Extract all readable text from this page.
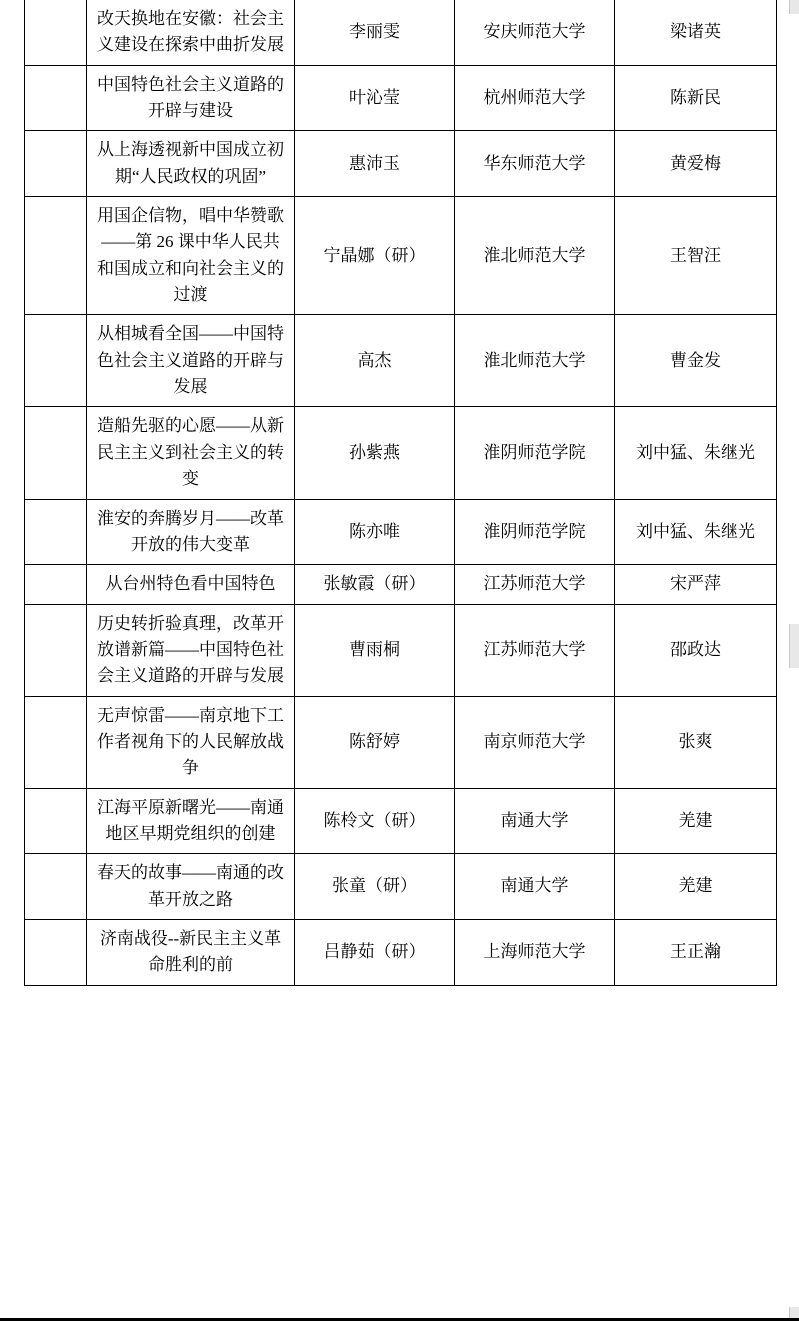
	改天换地在安徽：社会主义建设在探索中曲折发展	李丽雯	安庆师范大学	梁诸英
	中国特色社会主义道路的开辟与建设	叶沁莹	杭州师范大学	陈新民
	从上海透视新中国成立初期“人民政权的巩固”	惠沛玉	华东师范大学	黄爱梅
	用国企信物，唱中华赞歌——第 26 课中华人民共和国成立和向社会主义的过渡	宁晶娜（研）	淮北师范大学	王智汪
	从相城看全国——中国特色社会主义道路的开辟与发展	高杰	淮北师范大学	曹金发
	造船先驱的心愿——从新民主主义到社会主义的转变	孙紫燕	淮阴师范学院	刘中猛、朱继光
	淮安的奔腾岁月——改革开放的伟大变革	陈亦唯	淮阴师范学院	刘中猛、朱继光
	从台州特色看中国特色	张敏霞（研）	江苏师范大学	宋严萍
	历史转折验真理，改革开放谱新篇——中国特色社会主义道路的开辟与发展	曹雨桐	江苏师范大学	邵政达
	无声惊雷——南京地下工作者视角下的人民解放战争	陈舒婷	南京师范大学	张爽
	江海平原新曙光——南通地区早期党组织的创建	陈柃文（研）	南通大学	羌建
	春天的故事——南通的改革开放之路	张童（研）	南通大学	羌建
	济南战役--新民主主义革命胜利的前	吕静茹（研）	上海师范大学	王正瀚
